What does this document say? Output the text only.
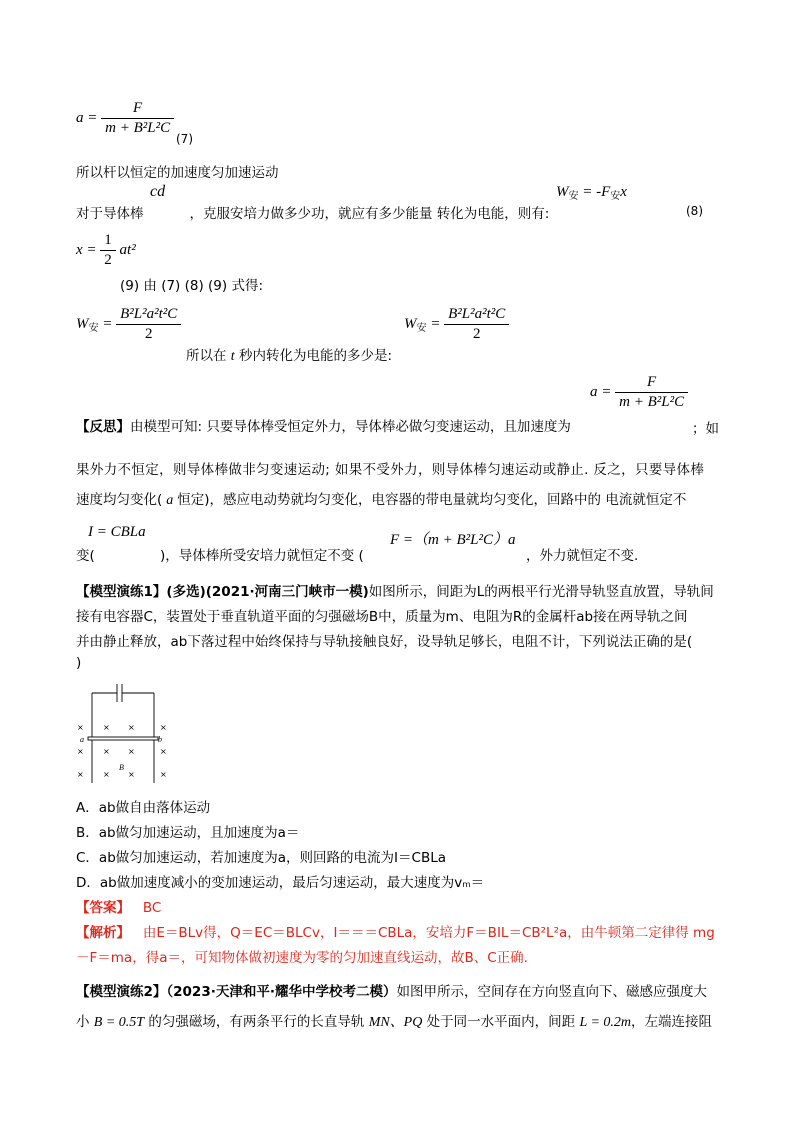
$a = \frac{F}{\text{m + B²L²C}}$
(7)
所以杆以恒定的加速度匀加速运动
cd
对于导体棒	，克服安培力做多少功，就应有多少能量 转化为电能，则有:
$W_安 = -F_安x$
(8)
$x = \frac{1}{2} at^2$
(9) 由 (7) (8) (9) 式得:
$W_安 = \frac{\text{B²L²a²t²C}}{2}$
所以在 t 秒内转化为电能的多少是:
$W_安 = \frac{\text{B²L²a²t²C}}{2}$
$a = \frac{F}{\text{m + B²L²C}}$
【反思】由模型可知: 只要导体棒受恒定外力，导体棒必做匀变速运动，且加速度为	；如
果外力不恒定，则导体棒做非匀变速运动; 如果不受外力，则导体棒匀速运动或静止. 反之，只要导体棒
速度均匀变化( a 恒定)，感应电动势就均匀变化，电容器的带电量就均匀变化，回路中的 电流就恒定不
I = CBLa
变(	)，导体棒所受安培力就恒定不变 (
F =（m + B²L²C）a
，外力就恒定不变.
【模型演练1】(多选)(2021·河南三门峡市一模)如图所示，间距为L的两根平行光滑导轨竖直放置，导轨间
接有电容器C，装置处于垂直轨道平面的匀强磁场B中，质量为m、电阻为R的金属杆ab接在两导轨之间
并由静止释放，ab下落过程中始终保持与导轨接触良好，设导轨足够长，电阻不计，下列说法正确的是(
)
× × ×	×
× × ×	×
× × ×	×
a	b
B
A．ab做自由落体运动
B．ab做匀加速运动，且加速度为a＝
C．ab做匀加速运动，若加速度为a，则回路的电流为I＝CBLa
D．ab做加速度减小的变加速运动，最后匀速运动，最大速度为vₘ＝
【答案】 BC
【解析】 由E＝BLv得，Q＝EC＝BLCv，I＝＝＝CBLa，安培力F＝BIL＝CB²L²a，由牛顿第二定律得 mg
－F＝ma，得a＝，可知物体做初速度为零的匀加速直线运动，故B、C正确.
【模型演练2】（2023·天津和平·耀华中学校考二模）如图甲所示，空间存在方向竖直向下、磁感应强度大
小 B = 0.5T 的匀强磁场，有两条平行的长直导轨 MN、PQ 处于同一水平面内，间距 L = 0.2m，左端连接阻
